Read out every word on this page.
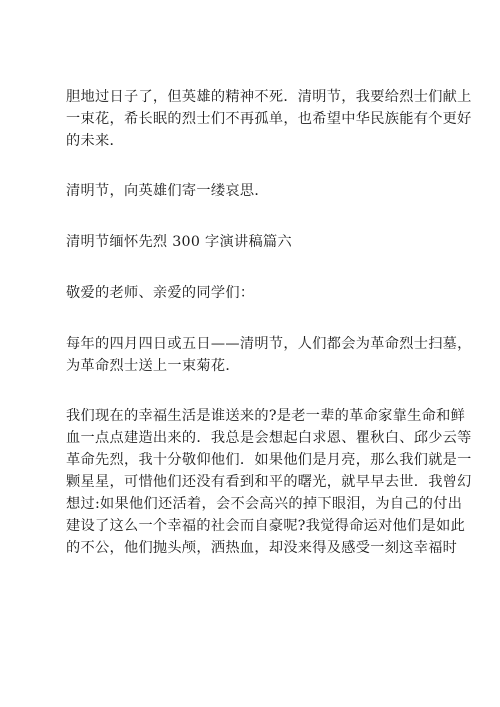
胆地过日子了，但英雄的精神不死．清明节，我要给烈士们献上
一束花，希长眠的烈士们不再孤单，也希望中华民族能有个更好
的未来．

清明节，向英雄们寄一缕哀思．

清明节缅怀先烈 300 字演讲稿篇六

敬爱的老师、亲爱的同学们：

每年的四月四日或五日——清明节，人们都会为革命烈士扫墓，
为革命烈士送上一束菊花．

我们现在的幸福生活是谁送来的?是老一辈的革命家靠生命和鲜
血一点点建造出来的．我总是会想起白求恩、瞿秋白、邱少云等
革命先烈，我十分敬仰他们．如果他们是月亮，那么我们就是一
颗星星，可惜他们还没有看到和平的曙光，就早早去世．我曾幻
想过:如果他们还活着，会不会高兴的掉下眼泪，为自己的付出
建设了这么一个幸福的社会而自豪呢?我觉得命运对他们是如此
的不公，他们抛头颅，洒热血，却没来得及感受一刻这幸福时
